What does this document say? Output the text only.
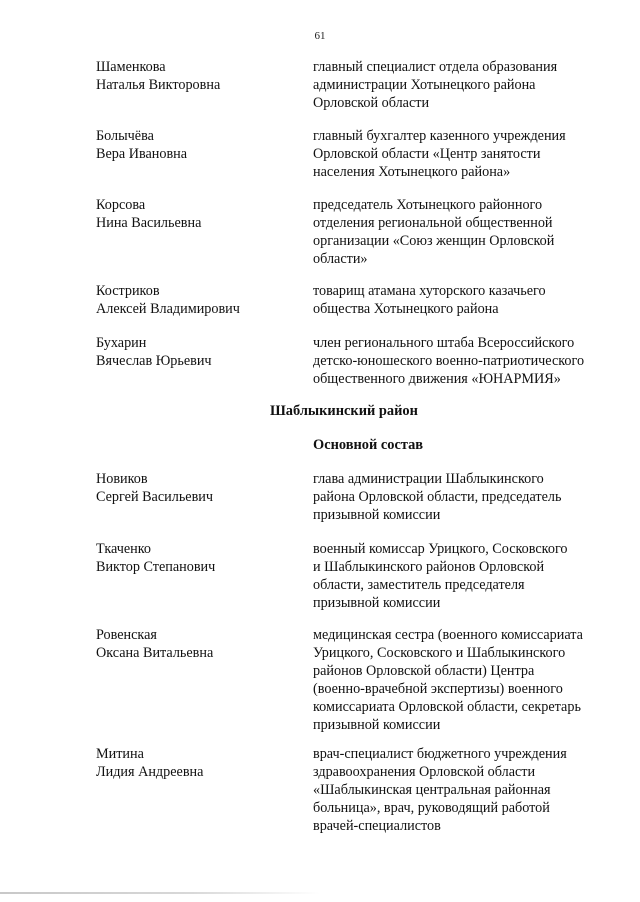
61
Шаменкова
Наталья Викторовна
главный специалист отдела образования
администрации Хотынецкого района
Орловской области
Болычёва
Вера Ивановна
главный бухгалтер казенного учреждения
Орловской области «Центр занятости
населения Хотынецкого района»
Корсова
Нина Васильевна
председатель Хотынецкого районного
отделения региональной общественной
организации «Союз женщин Орловской
области»
Костриков
Алексей Владимирович
товарищ атамана хуторского казачьего
общества Хотынецкого района
Бухарин
Вячеслав Юрьевич
член регионального штаба Всероссийского
детско-юношеского военно-патриотического
общественного движения «ЮНАРМИЯ»
Шаблыкинский район
Основной состав
Новиков
Сергей Васильевич
глава администрации Шаблыкинского
района Орловской области, председатель
призывной комиссии
Ткаченко
Виктор Степанович
военный комиссар Урицкого, Сосковского
и Шаблыкинского районов Орловской
области, заместитель председателя
призывной комиссии
Ровенская
Оксана Витальевна
медицинская сестра (военного комиссариата
Урицкого, Сосковского и Шаблыкинского
районов Орловской области) Центра
(военно-врачебной экспертизы) военного
комиссариата Орловской области, секретарь
призывной комиссии
Митина
Лидия Андреевна
врач-специалист бюджетного учреждения
здравоохранения Орловской области
«Шаблыкинская центральная районная
больница», врач, руководящий работой
врачей-специалистов
